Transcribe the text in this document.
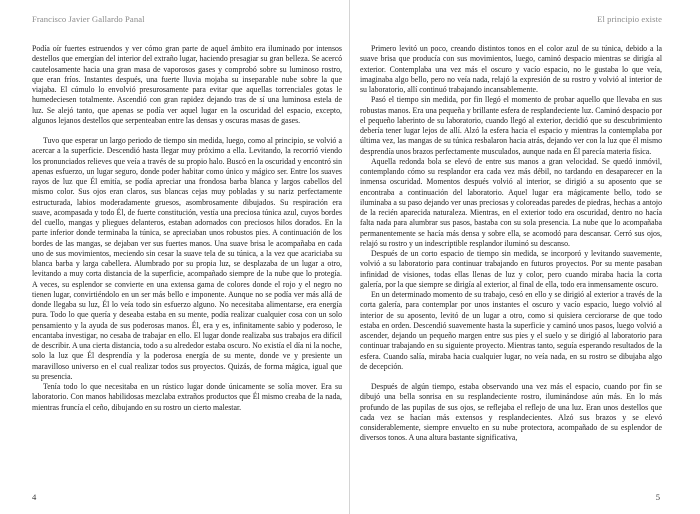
Francisco Javier Gallardo Panal

Podía oír fuertes estruendos y ver cómo gran parte de aquel ámbito era iluminado por intensos destellos que emergían del interior del extraño lugar, haciendo presagiar su gran belleza. Se acercó cautelosamente hacia una gran masa de vaporosos gases y comprobó sobre su luminoso rostro, que eran fríos. Instantes después, una fuerte lluvia mojaba su inseparable nube sobre la que viajaba. El cúmulo lo envolvió presurosamente para evitar que aquellas torrenciales gotas le humedeciesen totalmente. Ascendió con gran rapidez dejando tras de sí una luminosa estela de luz. Se alejó tanto, que apenas se podía ver aquel lugar en la oscuridad del espacio, excepto, algunos lejanos destellos que serpenteaban entre las densas y oscuras masas de gases.

Tuvo que esperar un largo periodo de tiempo sin medida, luego, como al principio, se volvió a acercar a la superficie. Descendió hasta llegar muy próximo a ella. Levitando, la recorrió viendo los pronunciados relieves que veía a través de su propio halo. Buscó en la oscuridad y encontró sin apenas esfuerzo, un lugar seguro, donde poder habitar como único y mágico ser. Entre los suaves rayos de luz que Él emitía, se podía apreciar una frondosa barba blanca y largos cabellos del mismo color. Sus ojos eran claros, sus blancas cejas muy pobladas y su nariz perfectamente estructurada, labios moderadamente gruesos, asombrosamente dibujados. Su respiración era suave, acompasada y todo Él, de fuerte constitución, vestía una preciosa túnica azul, cuyos bordes del cuello, mangas y pliegues delanteros, estaban adornados con preciosos hilos dorados. En la parte inferior donde terminaba la túnica, se apreciaban unos robustos pies. A continuación de los bordes de las mangas, se dejaban ver sus fuertes manos. Una suave brisa le acompañaba en cada uno de sus movimientos, meciendo sin cesar la suave tela de su túnica, a la vez que acariciaba su blanca barba y larga cabellera. Alumbrado por su propia luz, se desplazaba de un lugar a otro, levitando a muy corta distancia de la superficie, acompañado siempre de la nube que lo protegía. A veces, su esplendor se convierte en una extensa gama de colores donde el rojo y el negro no tienen lugar, convirtiéndolo en un ser más bello e imponente. Aunque no se podía ver más allá de donde llegaba su luz, Él lo veía todo sin esfuerzo alguno. No necesitaba alimentarse, era energía pura. Todo lo que quería y deseaba estaba en su mente, podía realizar cualquier cosa con un solo pensamiento y la ayuda de sus poderosas manos. Él, era y es, infinitamente sabio y poderoso, le encantaba investigar, no cesaba de trabajar en ello. El lugar donde realizaba sus trabajos era difícil de describir. A una cierta distancia, todo a su alrededor estaba oscuro. No existía el día ni la noche, solo la luz que Él desprendía y la poderosa energía de su mente, donde ve y presiente un maravilloso universo en el cual realizar todos sus proyectos. Quizás, de forma mágica, igual que su presencia.

Tenía todo lo que necesitaba en un rústico lugar donde únicamente se solía mover. Era su laboratorio. Con manos habilidosas mezclaba extraños productos que Él mismo creaba de la nada, mientras fruncía el ceño, dibujando en su rostro un cierto malestar.

4
El principio existe

Primero levitó un poco, creando distintos tonos en el color azul de su túnica, debido a la suave brisa que producía con sus movimientos, luego, caminó despacio mientras se dirigía al exterior. Contemplaba una vez más el oscuro y vacío espacio, no le gustaba lo que veía, imaginaba algo bello, pero no veía nada, relajó la expresión de su rostro y volvió al interior de su laboratorio, allí continuó trabajando incansablemente.

Pasó el tiempo sin medida, por fin llegó el momento de probar aquello que llevaba en sus robustas manos. Era una pequeña y brillante esfera de resplandeciente luz. Caminó despacio por el pequeño laberinto de su laboratorio, cuando llegó al exterior, decidió que su descubrimiento debería tener lugar lejos de allí. Alzó la esfera hacia el espacio y mientras la contemplaba por última vez, las mangas de su túnica resbalaron hacia atrás, dejando ver con la luz que él mismo desprendía unos brazos perfectamente musculados, aunque nada en Él parecía materia física.

Aquella redonda bola se elevó de entre sus manos a gran velocidad. Se quedó inmóvil, contemplando cómo su resplandor era cada vez más débil, no tardando en desaparecer en la inmensa oscuridad. Momentos después volvió al interior, se dirigió a su aposento que se encontraba a continuación del laboratorio. Aquel lugar era mágicamente bello, todo se iluminaba a su paso dejando ver unas preciosas y coloreadas paredes de piedras, hechas a antojo de la recién aparecida naturaleza. Mientras, en el exterior todo era oscuridad, dentro no hacía falta nada para alumbrar sus pasos, bastaba con su sola presencia. La nube que lo acompañaba permanentemente se hacía más densa y sobre ella, se acomodó para descansar. Cerró sus ojos, relajó su rostro y un indescriptible resplandor iluminó su descanso.

Después de un corto espacio de tiempo sin medida, se incorporó y levitando suavemente, volvió a su laboratorio para continuar trabajando en futuros proyectos. Por su mente pasaban infinidad de visiones, todas ellas llenas de luz y color, pero cuando miraba hacia la corta galería, por la que siempre se dirigía al exterior, al final de ella, todo era inmensamente oscuro.

En un determinado momento de su trabajo, cesó en ello y se dirigió al exterior a través de la corta galería, para contemplar por unos instantes el oscuro y vacío espacio, luego volvió al interior de su aposento, levitó de un lugar a otro, como si quisiera cerciorarse de que todo estaba en orden. Descendió suavemente hasta la superficie y caminó unos pasos, luego volvió a ascender, dejando un pequeño margen entre sus pies y el suelo y se dirigió al laboratorio para continuar trabajando en su siguiente proyecto. Mientras tanto, seguía esperando resultados de la esfera. Cuando salía, miraba hacia cualquier lugar, no veía nada, en su rostro se dibujaba algo de decepción.

Después de algún tiempo, estaba observando una vez más el espacio, cuando por fin se dibujó una bella sonrisa en su resplandeciente rostro, iluminándose aún más. En lo más profundo de las pupilas de sus ojos, se reflejaba el reflejo de una luz. Eran unos destellos que cada vez se hacían más extensos y resplandecientes. Alzó sus brazos y se elevó considerablemente, siempre envuelto en su nube protectora, acompañado de su esplendor de diversos tonos. A una altura bastante significativa,

5
